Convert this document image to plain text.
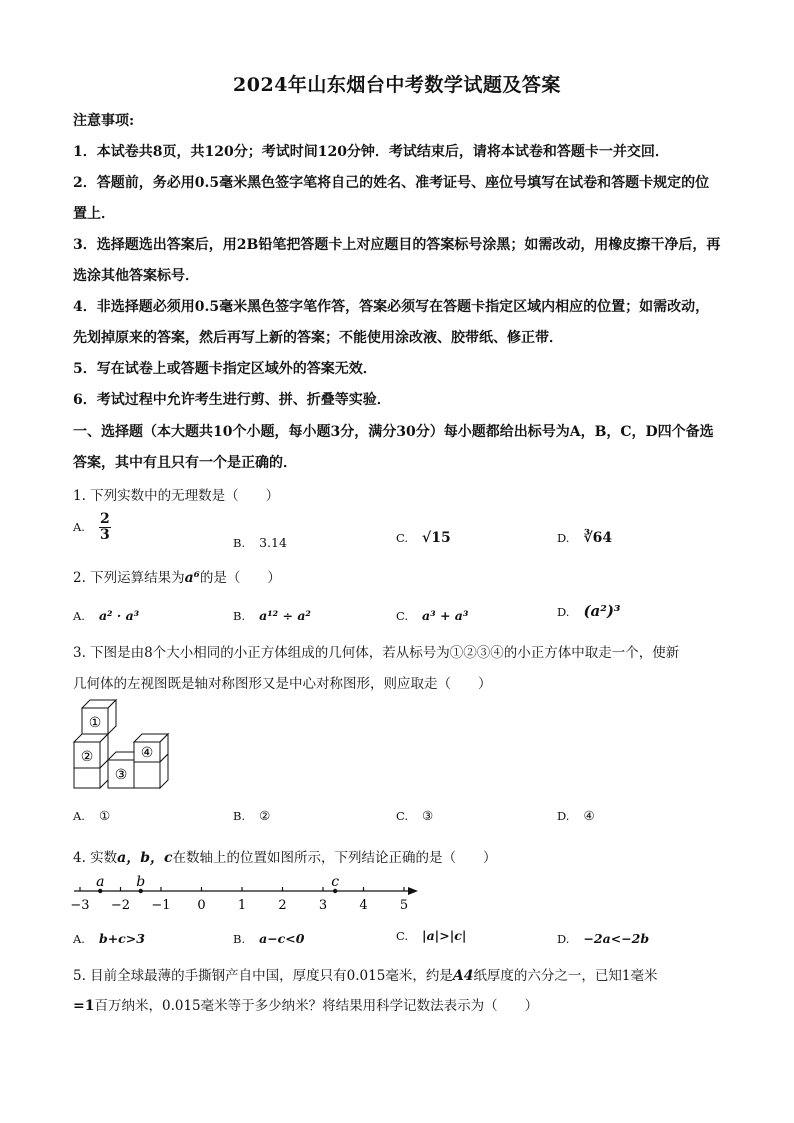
2024年山东烟台中考数学试题及答案
注意事项:
1．本试卷共8页，共120分；考试时间120分钟．考试结束后，请将本试卷和答题卡一并交回．
2．答题前，务必用0.5毫米黑色签字笔将自己的姓名、准考证号、座位号填写在试卷和答题卡规定的位
置上．
3．选择题选出答案后，用2B铅笔把答题卡上对应题目的答案标号涂黑；如需改动，用橡皮擦干净后，再
选涂其他答案标号．
4．非选择题必须用0.5毫米黑色签字笔作答，答案必须写在答题卡指定区域内相应的位置；如需改动，
先划掉原来的答案，然后再写上新的答案；不能使用涂改液、胶带纸、修正带．
5．写在试卷上或答题卡指定区域外的答案无效．
6．考试过程中允许考生进行剪、拼、折叠等实验．
一、选择题（本大题共10个小题，每小题3分，满分30分）每小题都给出标号为A，B，C，D四个备选
答案，其中有且只有一个是正确的．
1. 下列实数中的无理数是（　　）
A. $\frac{2}{3}$	B. 3.14	C. √15	D. ∛64
2. 下列运算结果为a⁶的是（　　）
A. a² · a³	B. a¹² ÷ a²	C. a³ + a³	D. (a²)³
3. 下图是由8个大小相同的小正方体组成的几何体，若从标号为①②③④的小正方体中取走一个，使新
几何体的左视图既是轴对称图形又是中心对称图形，则应取走（　　）
①
②
③
④
A. ①	B. ②	C. ③	D. ④
4. 实数a，b，c在数轴上的位置如图所示，下列结论正确的是（　　）
−3 −2 −1 0 1 2 3 4 5
a b	c
A. b+c>3	B. a−c<0	C. |a|>|c|	D. −2a<−2b
5. 目前全球最薄的手撕钢产自中国，厚度只有0.015毫米，约是A4纸厚度的六分之一，已知1毫米
=1百万纳米，0.015毫米等于多少纳米？将结果用科学记数法表示为（　　）
